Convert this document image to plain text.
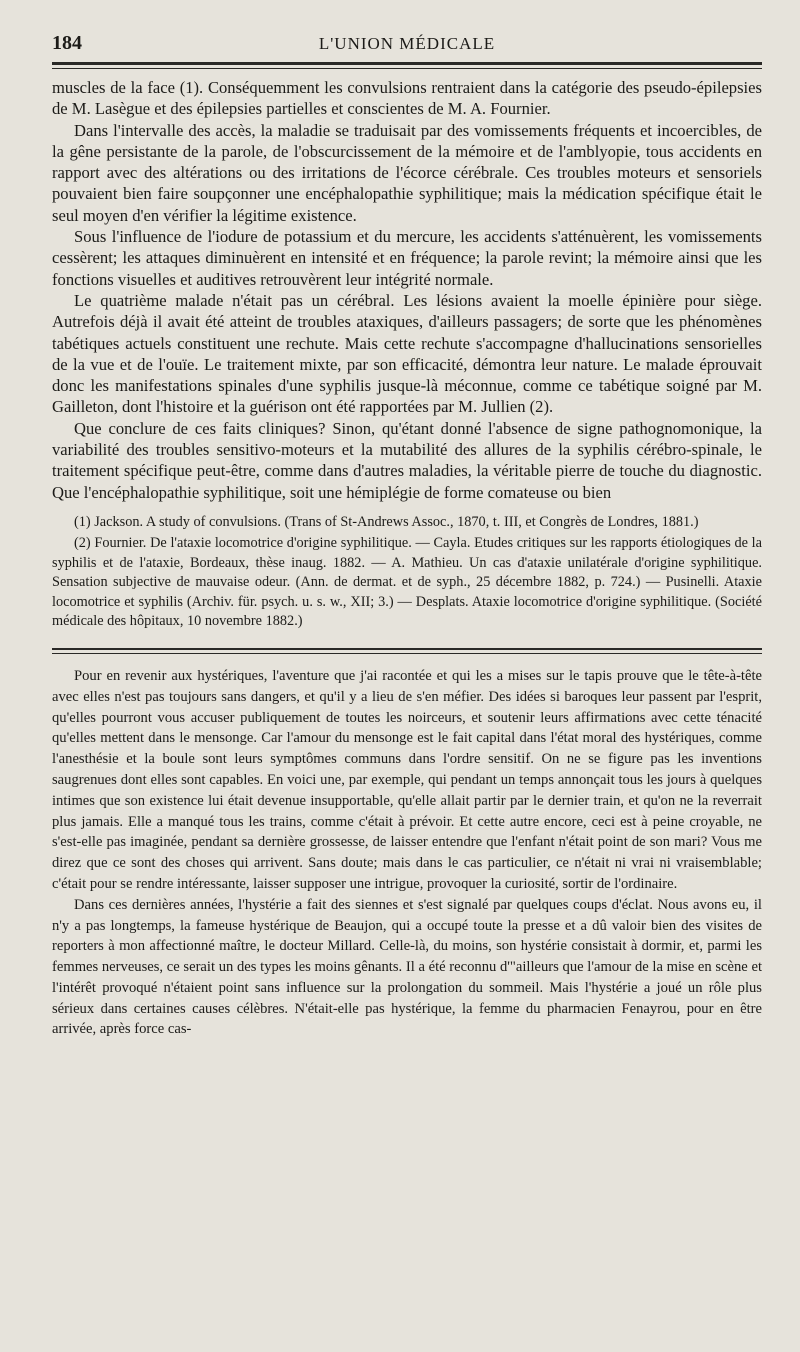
184	L'UNION MÉDICALE

muscles de la face (1). Conséquemment les convulsions rentraient dans la catégorie des pseudo-épilepsies de M. Lasègue et des épilepsies partielles et conscientes de M. A. Fournier.

Dans l'intervalle des accès, la maladie se traduisait par des vomissements fréquents et incoercibles, de la gêne persistante de la parole, de l'obscurcissement de la mémoire et de l'amblyopie, tous accidents en rapport avec des altérations ou des irritations de l'écorce cérébrale. Ces troubles moteurs et sensoriels pouvaient bien faire soupçonner une encéphalopathie syphilitique; mais la médication spécifique était le seul moyen d'en vérifier la légitime existence.

Sous l'influence de l'iodure de potassium et du mercure, les accidents s'atténuèrent, les vomissements cessèrent; les attaques diminuèrent en intensité et en fréquence; la parole revint; la mémoire ainsi que les fonctions visuelles et auditives retrouvèrent leur intégrité normale.

Le quatrième malade n'était pas un cérébral. Les lésions avaient la moelle épinière pour siège. Autrefois déjà il avait été atteint de troubles ataxiques, d'ailleurs passagers; de sorte que les phénomènes tabétiques actuels constituent une rechute. Mais cette rechute s'accompagne d'hallucinations sensorielles de la vue et de l'ouïe. Le traitement mixte, par son efficacité, démontra leur nature. Le malade éprouvait donc les manifestations spinales d'une syphilis jusque-là méconnue, comme ce tabétique soigné par M. Gailleton, dont l'histoire et la guérison ont été rapportées par M. Jullien (2).

Que conclure de ces faits cliniques? Sinon, qu'étant donné l'absence de signe pathognomonique, la variabilité des troubles sensitivo-moteurs et la mutabilité des allures de la syphilis cérébro-spinale, le traitement spécifique peut-être, comme dans d'autres maladies, la véritable pierre de touche du diagnostic. Que l'encéphalopathie syphilitique, soit une hémiplégie de forme comateuse ou bien

(1) Jackson. A study of convulsions. (Trans of St-Andrews Assoc., 1870, t. III, et Congrès de Londres, 1881.)

(2) Fournier. De l'ataxie locomotrice d'origine syphilitique. — Cayla. Etudes critiques sur les rapports étiologiques de la syphilis et de l'ataxie, Bordeaux, thèse inaug. 1882. — A. Mathieu. Un cas d'ataxie unilatérale d'origine syphilitique. Sensation subjective de mauvaise odeur. (Ann. de dermat. et de syph., 25 décembre 1882, p. 724.) — Pusinelli. Ataxie locomotrice et syphilis (Archiv. für. psych. u. s. w., XII; 3.) — Desplats. Ataxie locomotrice d'origine syphilitique. (Société médicale des hôpitaux, 10 novembre 1882.)

Pour en revenir aux hystériques, l'aventure que j'ai racontée et qui les a mises sur le tapis prouve que le tête-à-tête avec elles n'est pas toujours sans dangers, et qu'il y a lieu de s'en méfier. Des idées si baroques leur passent par l'esprit, qu'elles pourront vous accuser publiquement de toutes les noirceurs, et soutenir leurs affirmations avec cette ténacité qu'elles mettent dans le mensonge. Car l'amour du mensonge est le fait capital dans l'état moral des hystériques, comme l'anesthésie et la boule sont leurs symptômes communs dans l'ordre sensitif. On ne se figure pas les inventions saugrenues dont elles sont capables. En voici une, par exemple, qui pendant un temps annonçait tous les jours à quelques intimes que son existence lui était devenue insupportable, qu'elle allait partir par le dernier train, et qu'on ne la reverrait plus jamais. Elle a manqué tous les trains, comme c'était à prévoir. Et cette autre encore, ceci est à peine croyable, ne s'est-elle pas imaginée, pendant sa dernière grossesse, de laisser entendre que l'enfant n'était point de son mari? Vous me direz que ce sont des choses qui arrivent. Sans doute; mais dans le cas particulier, ce n'était ni vrai ni vraisemblable; c'était pour se rendre intéressante, laisser supposer une intrigue, provoquer la curiosité, sortir de l'ordinaire.

Dans ces dernières années, l'hystérie a fait des siennes et s'est signalé par quelques coups d'éclat. Nous avons eu, il n'y a pas longtemps, la fameuse hystérique de Beaujon, qui a occupé toute la presse et a dû valoir bien des visites de reporters à mon affectionné maître, le docteur Millard. Celle-là, du moins, son hystérie consistait à dormir, et, parmi les femmes nerveuses, ce serait un des types les moins gênants. Il a été reconnu d'"ailleurs que l'amour de la mise en scène et l'intérêt provoqué n'étaient point sans influence sur la prolongation du sommeil. Mais l'hystérie a joué un rôle plus sérieux dans certaines causes célèbres. N'était-elle pas hystérique, la femme du pharmacien Fenayrou, pour en être arrivée, après force cas-
